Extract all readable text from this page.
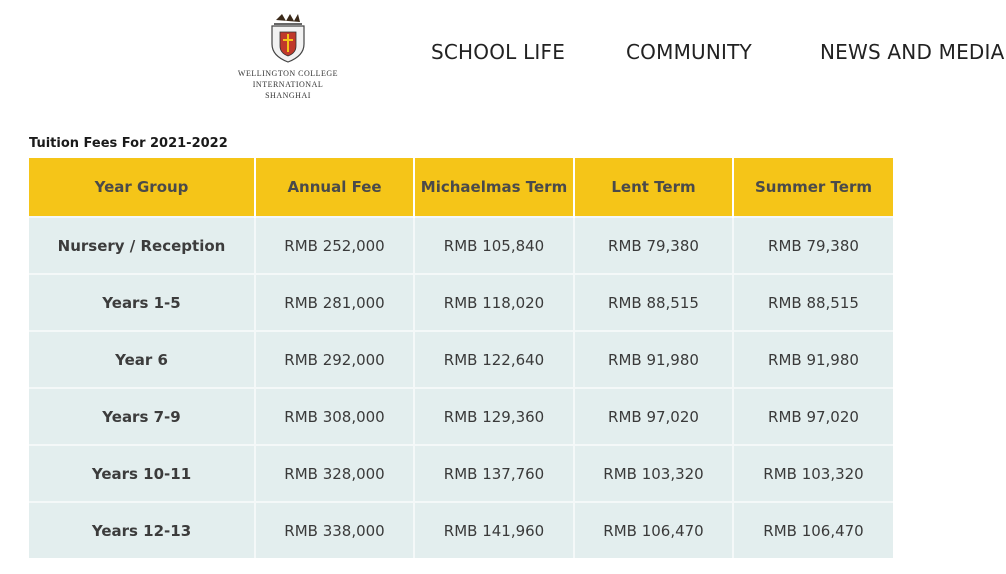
WELLINGTON COLLEGE
INTERNATIONAL
SHANGHAI
SCHOOL LIFE	COMMUNITY	NEWS AND MEDIA
Tuition Fees For 2021-2022
Year Group	Annual Fee	Michaelmas Term	Lent Term	Summer Term
Nursery / Reception	RMB 252,000	RMB 105,840	RMB 79,380	RMB 79,380
Years 1-5	RMB 281,000	RMB 118,020	RMB 88,515	RMB 88,515
Year 6	RMB 292,000	RMB 122,640	RMB 91,980	RMB 91,980
Years 7-9	RMB 308,000	RMB 129,360	RMB 97,020	RMB 97,020
Years 10-11	RMB 328,000	RMB 137,760	RMB 103,320	RMB 103,320
Years 12-13	RMB 338,000	RMB 141,960	RMB 106,470	RMB 106,470
